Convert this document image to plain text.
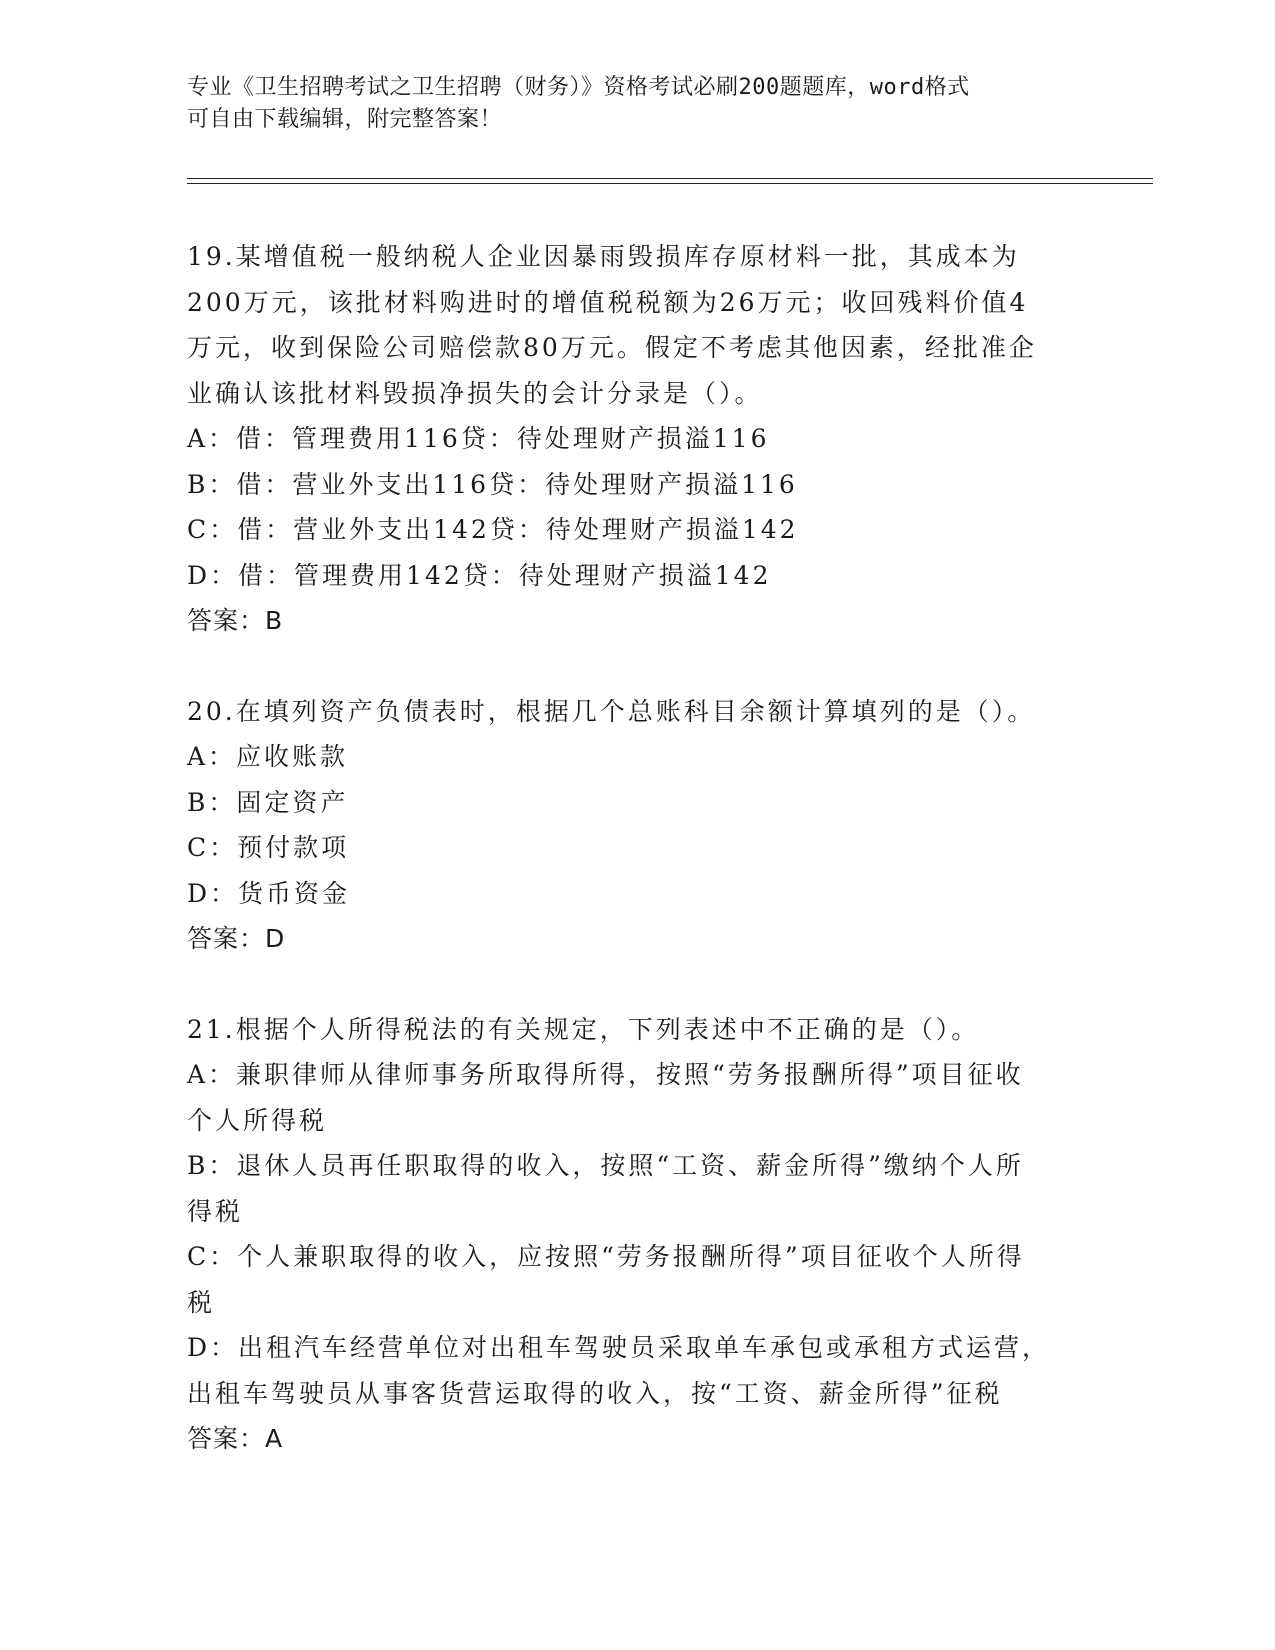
专业《卫生招聘考试之卫生招聘（财务）》资格考试必刷200题题库，word格式
可自由下载编辑，附完整答案！
19.某增值税一般纳税人企业因暴雨毁损库存原材料一批，其成本为
200万元，该批材料购进时的增值税税额为26万元；收回残料价值4
万元，收到保险公司赔偿款80万元。假定不考虑其他因素，经批准企
业确认该批材料毁损净损失的会计分录是（）。
A：借：管理费用116贷：待处理财产损溢116
B：借：营业外支出116贷：待处理财产损溢116
C：借：营业外支出142贷：待处理财产损溢142
D：借：管理费用142贷：待处理财产损溢142
答案：B
20.在填列资产负债表时，根据几个总账科目余额计算填列的是（）。
A：应收账款
B：固定资产
C：预付款项
D：货币资金
答案：D
21.根据个人所得税法的有关规定，下列表述中不正确的是（）。
A：兼职律师从律师事务所取得所得，按照“劳务报酬所得”项目征收
个人所得税
B：退休人员再任职取得的收入，按照“工资、薪金所得”缴纳个人所
得税
C：个人兼职取得的收入，应按照“劳务报酬所得”项目征收个人所得
税
D：出租汽车经营单位对出租车驾驶员采取单车承包或承租方式运营，
出租车驾驶员从事客货营运取得的收入，按“工资、薪金所得”征税
答案：A
